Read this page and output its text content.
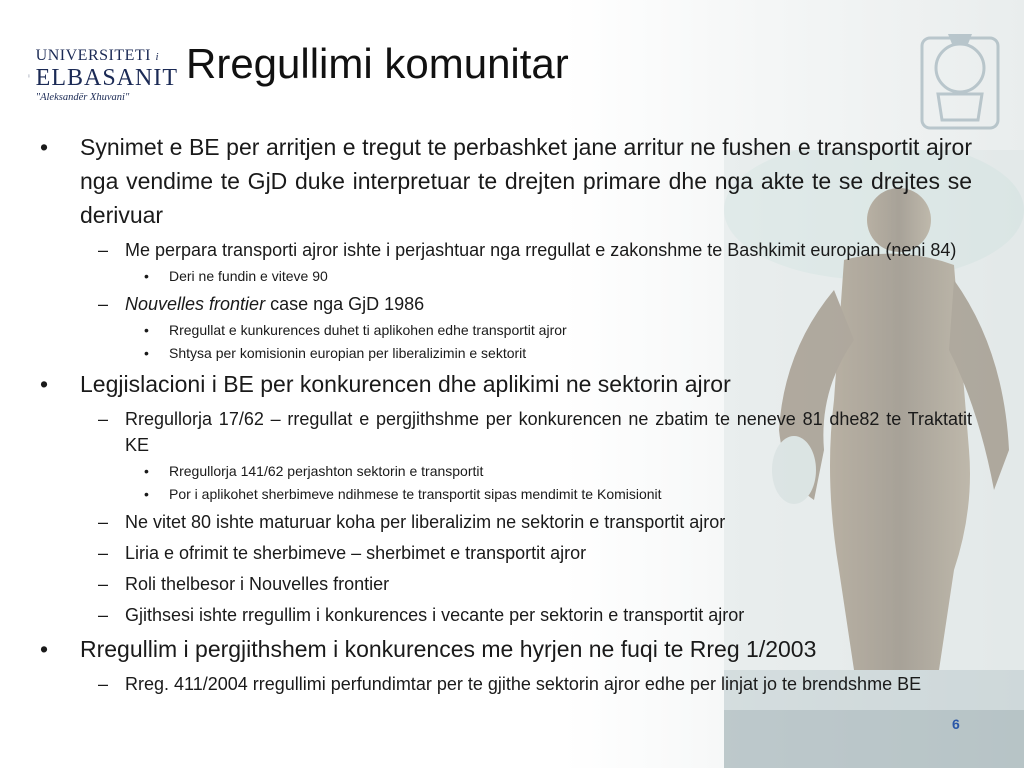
UNIVERSITETI i
ELBASANIT
"Aleksandër Xhuvani"
Rregullimi komunitar
• Synimet e BE per arritjen e tregut te perbashket jane arritur ne fushen e transportit ajror nga vendime te GjD duke interpretuar te drejten primare dhe nga akte te se drejtes se derivuar
– Me perpara transporti ajror ishte i perjashtuar nga rregullat e zakonshme te Bashkimit europian (neni 84)
• Deri ne fundin e viteve 90
– Nouvelles frontier case nga GjD 1986
• Rregullat e kunkurences duhet ti aplikohen edhe transportit ajror
• Shtysa per komisionin europian per liberalizimin e sektorit
• Legjislacioni i BE per konkurencen dhe aplikimi ne sektorin ajror
– Rregullorja 17/62 – rregullat e pergjithshme per konkurencen ne zbatim te neneve 81 dhe82 te Traktatit KE
• Rregullorja 141/62 perjashton sektorin e transportit
• Por i aplikohet sherbimeve ndihmese te transportit sipas mendimit te Komisionit
– Ne vitet 80 ishte maturuar koha per liberalizim ne sektorin e transportit ajror
– Liria e ofrimit te sherbimeve – sherbimet e transportit ajror
– Roli thelbesor i Nouvelles frontier
– Gjithsesi ishte rregullim i konkurences i vecante per sektorin e transportit ajror
• Rregullim i pergjithshem i konkurences me hyrjen ne fuqi te Rreg 1/2003
– Rreg. 411/2004 rregullimi perfundimtar per te gjithe sektorin ajror edhe per linjat jo te brendshme BE
6
